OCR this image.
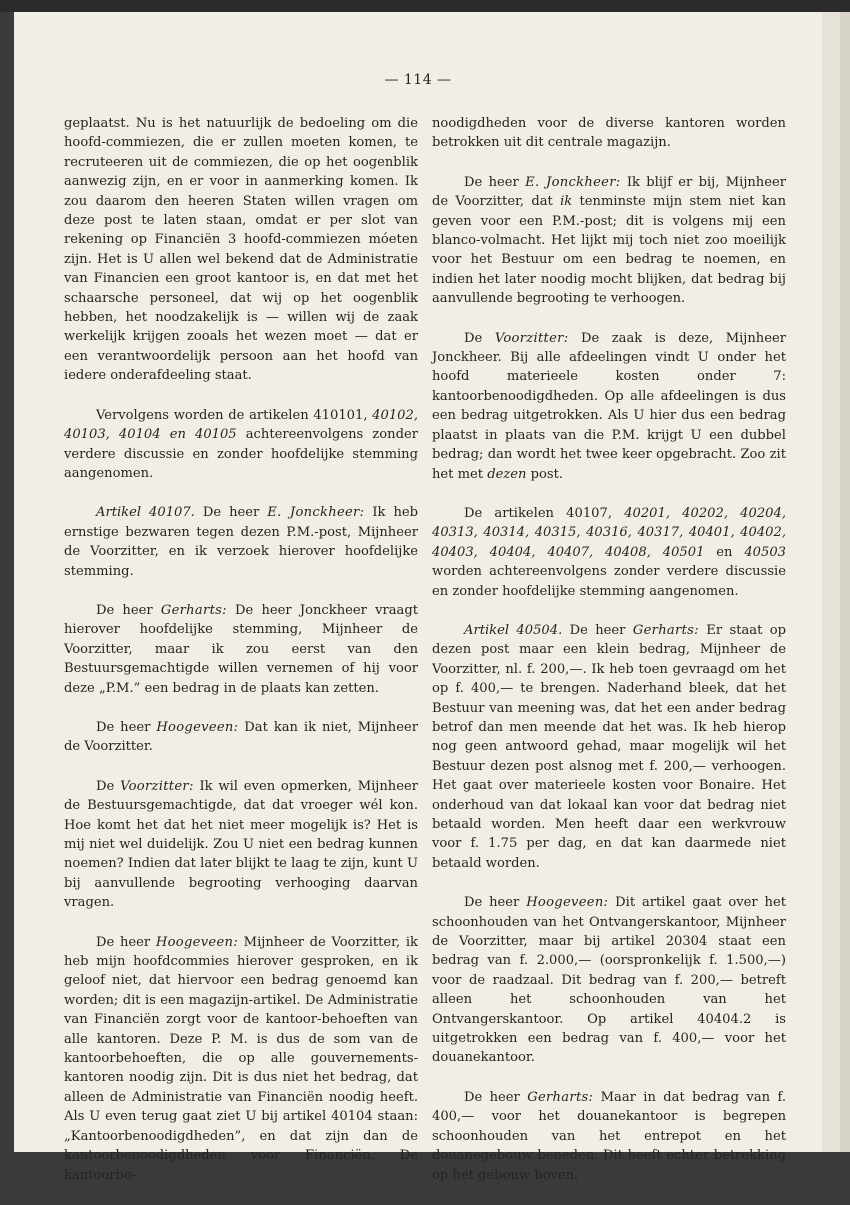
— 114 —

geplaatst. Nu is het natuurlijk de bedoeling om die hoofd-commiezen, die er zullen moeten komen, te recruteeren uit de commiezen, die op het oogenblik aanwezig zijn, en er voor in aanmerking komen. Ik zou daarom den heeren Staten willen vragen om deze post te laten staan, omdat er per slot van rekening op Financiën 3 hoofd-commiezen móeten zijn. Het is U allen wel bekend dat de Administratie van Financien een groot kantoor is, en dat met het schaarsche personeel, dat wij op het oogenblik hebben, het noodzakelijk is — willen wij de zaak werkelijk krijgen zooals het wezen moet — dat er een verantwoordelijk persoon aan het hoofd van iedere onderafdeeling staat.

Vervolgens worden de artikelen 410101, 40102, 40103, 40104 en 40105 achtereenvolgens zonder verdere discussie en zonder hoofdelijke stemming aangenomen.

Artikel 40107. De heer E. Jonckheer: Ik heb ernstige bezwaren tegen dezen P.M.-post, Mijnheer de Voorzitter, en ik verzoek hierover hoofdelijke stemming.

De heer Gerharts: De heer Jonckheer vraagt hierover hoofdelijke stemming, Mijnheer de Voorzitter, maar ik zou eerst van den Bestuursgemachtigde willen vernemen of hij voor deze „P.M.” een bedrag in de plaats kan zetten.

De heer Hoogeveen: Dat kan ik niet, Mijnheer de Voorzitter.

De Voorzitter: Ik wil even opmerken, Mijnheer de Bestuursgemachtigde, dat dat vroeger wél kon. Hoe komt het dat het niet meer mogelijk is? Het is mij niet wel duidelijk. Zou U niet een bedrag kunnen noemen? Indien dat later blijkt te laag te zijn, kunt U bij aanvullende begrooting verhooging daarvan vragen.

De heer Hoogeveen: Mijnheer de Voorzitter, ik heb mijn hoofdcommies hierover gesproken, en ik geloof niet, dat hiervoor een bedrag genoemd kan worden; dit is een magazijn-artikel. De Administratie van Financiën zorgt voor de kantoor-behoeften van alle kantoren. Deze P. M. is dus de som van de kantoorbehoeften, die op alle gouvernements-kantoren noodig zijn. Dit is dus niet het bedrag, dat alleen de Administratie van Financiën noodig heeft. Als U even terug gaat ziet U bij artikel 40104 staan: „Kantoorbenoodigdheden”, en dat zijn dan de kantoorbenoodigdheden voor Financiën. De kantoorbe-

noodigdheden voor de diverse kantoren worden betrokken uit dit centrale magazijn.

De heer E. Jonckheer: Ik blijf er bij, Mijnheer de Voorzitter, dat ik tenminste mijn stem niet kan geven voor een P.M.-post; dit is volgens mij een blanco-volmacht. Het lijkt mij toch niet zoo moeilijk voor het Bestuur om een bedrag te noemen, en indien het later noodig mocht blijken, dat bedrag bij aanvullende begrooting te verhoogen.

De Voorzitter: De zaak is deze, Mijnheer Jonckheer. Bij alle afdeelingen vindt U onder het hoofd materieele kosten onder 7: kantoorbenoodigdheden. Op alle afdeelingen is dus een bedrag uitgetrokken. Als U hier dus een bedrag plaatst in plaats van die P.M. krijgt U een dubbel bedrag; dan wordt het twee keer opgebracht. Zoo zit het met dezen post.

De artikelen 40107, 40201, 40202, 40204, 40313, 40314, 40315, 40316, 40317, 40401, 40402, 40403, 40404, 40407, 40408, 40501 en 40503 worden achtereenvolgens zonder verdere discussie en zonder hoofdelijke stemming aangenomen.

Artikel 40504. De heer Gerharts: Er staat op dezen post maar een klein bedrag, Mijnheer de Voorzitter, nl. f. 200,—. Ik heb toen gevraagd om het op f. 400,— te brengen. Naderhand bleek, dat het Bestuur van meening was, dat het een ander bedrag betrof dan men meende dat het was. Ik heb hierop nog geen antwoord gehad, maar mogelijk wil het Bestuur dezen post alsnog met f. 200,— verhoogen. Het gaat over materieele kosten voor Bonaire. Het onderhoud van dat lokaal kan voor dat bedrag niet betaald worden. Men heeft daar een werkvrouw voor f. 1.75 per dag, en dat kan daarmede niet betaald worden.

De heer Hoogeveen: Dit artikel gaat over het schoonhouden van het Ontvangerskantoor, Mijnheer de Voorzitter, maar bij artikel 20304 staat een bedrag van f. 2.000,— (oorspronkelijk f. 1.500,—) voor de raadzaal. Dit bedrag van f. 200,— betreft alleen het schoonhouden van het Ontvangerskantoor. Op artikel 40404.2 is uitgetrokken een bedrag van f. 400,— voor het douanekantoor.

De heer Gerharts: Maar in dat bedrag van f. 400,— voor het douanekantoor is begrepen schoonhouden van het entrepot en het douanegebouw beneden. Dit heeft echter betrekking op het gebouw boven.
